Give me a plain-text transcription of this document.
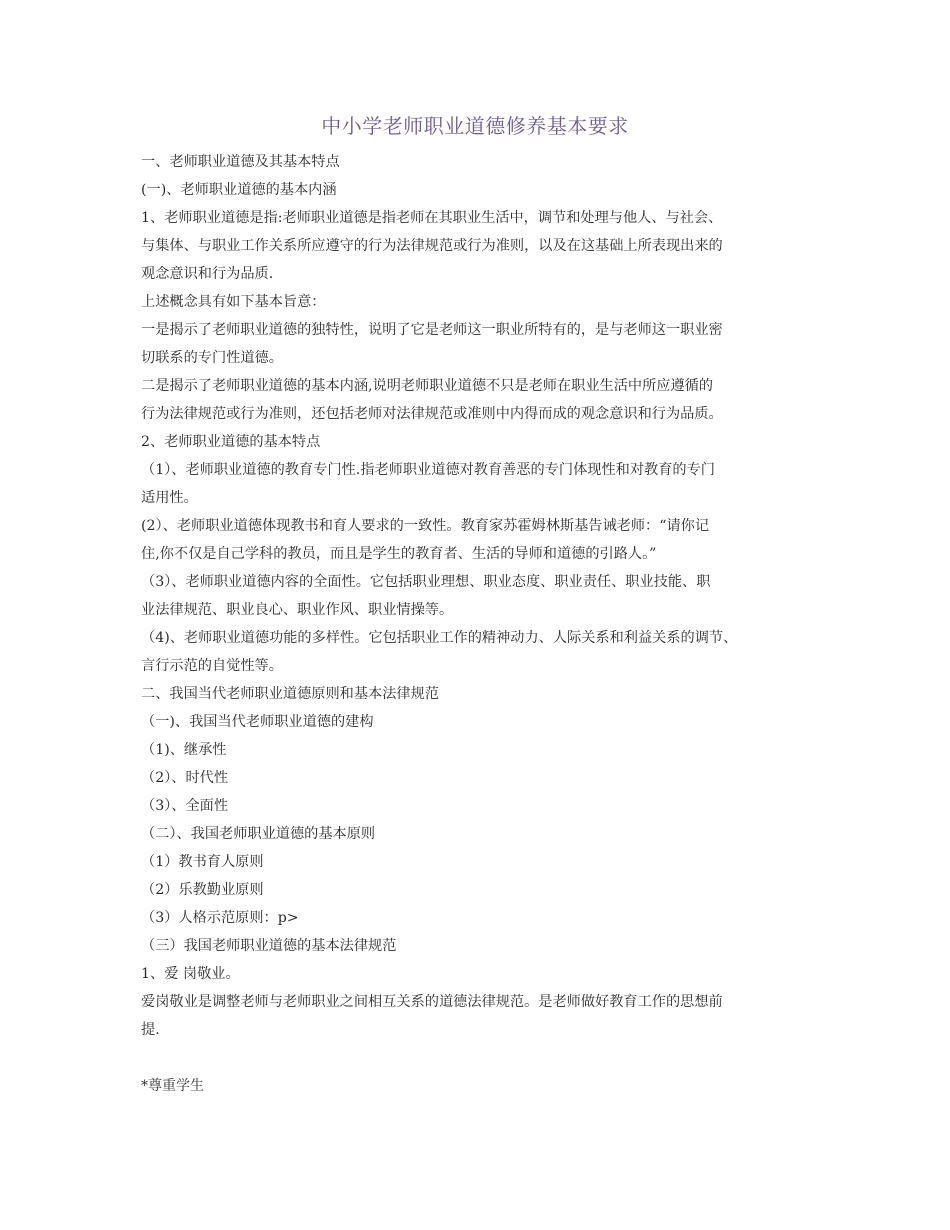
中小学老师职业道德修养基本要求

一、老师职业道德及其基本特点

(一)、老师职业道德的基本内涵

1、老师职业道德是指:老师职业道德是指老师在其职业生活中，调节和处理与他人、与社会、

与集体、与职业工作关系所应遵守的行为法律规范或行为准则，以及在这基础上所表现出来的

观念意识和行为品质.

上述概念具有如下基本旨意：

一是揭示了老师职业道德的独特性，说明了它是老师这一职业所特有的，是与老师这一职业密

切联系的专门性道德。

二是揭示了老师职业道德的基本内涵,说明老师职业道德不只是老师在职业生活中所应遵循的

行为法律规范或行为准则，还包括老师对法律规范或准则中内得而成的观念意识和行为品质。

2、老师职业道德的基本特点

（1）、老师职业道德的教育专门性.指老师职业道德对教育善恶的专门体现性和对教育的专门

适用性。

(2）、老师职业道德体现教书和育人要求的一致性。教育家苏霍姆林斯基告诫老师：“请你记

住,你不仅是自己学科的教员，而且是学生的教育者、生活的导师和道德的引路人。”

（3）、老师职业道德内容的全面性。它包括职业理想、职业态度、职业责任、职业技能、职

业法律规范、职业良心、职业作风、职业情操等。

（4)、老师职业道德功能的多样性。它包括职业工作的精神动力、人际关系和利益关系的调节、

言行示范的自觉性等。

二、我国当代老师职业道德原则和基本法律规范

（一)、我国当代老师职业道德的建构

（1)、继承性

（2）、时代性

（3）、全面性

（二）、我国老师职业道德的基本原则

（1）教书育人原则

（2）乐教勤业原则

（3）人格示范原则：p>

（三）我国老师职业道德的基本法律规范

1、爱 岗敬业。

爱岗敬业是调整老师与老师职业之间相互关系的道德法律规范。是老师做好教育工作的思想前

提.

*尊重学生
